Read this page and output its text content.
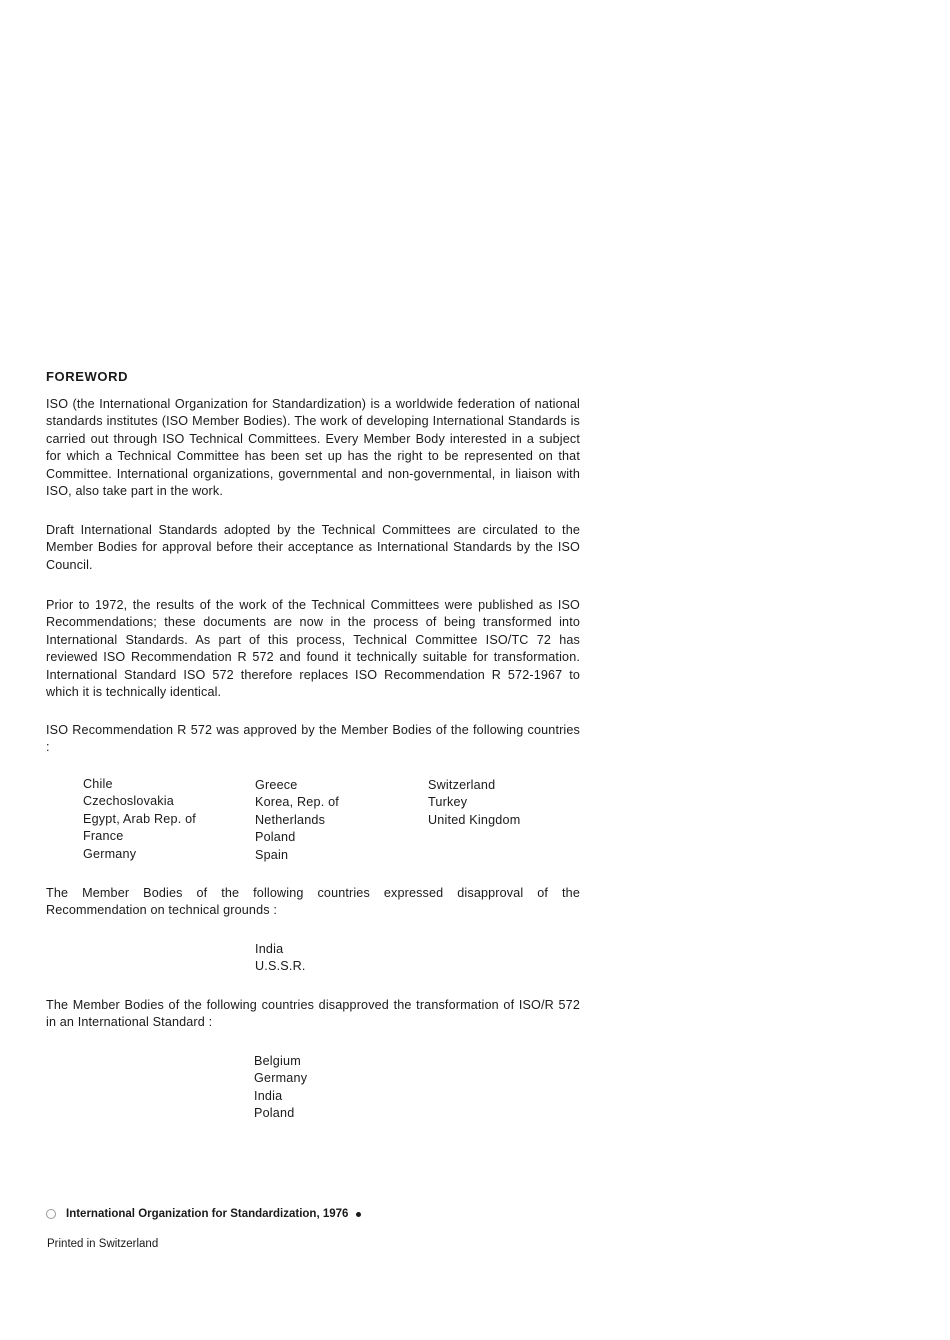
FOREWORD

ISO (the International Organization for Standardization) is a worldwide federation of national standards institutes (ISO Member Bodies). The work of developing International Standards is carried out through ISO Technical Committees. Every Member Body interested in a subject for which a Technical Committee has been set up has the right to be represented on that Committee. International organizations, governmental and non-governmental, in liaison with ISO, also take part in the work.

Draft International Standards adopted by the Technical Committees are circulated to the Member Bodies for approval before their acceptance as International Standards by the ISO Council.

Prior to 1972, the results of the work of the Technical Committees were published as ISO Recommendations; these documents are now in the process of being transformed into International Standards. As part of this process, Technical Committee ISO/TC 72 has reviewed ISO Recommendation R 572 and found it technically suitable for transformation. International Standard ISO 572 therefore replaces ISO Recommendation R 572-1967 to which it is technically identical.

ISO Recommendation R 572 was approved by the Member Bodies of the following countries :

Chile
Czechoslovakia
Egypt, Arab Rep. of
France
Germany
Greece
Korea, Rep. of
Netherlands
Poland
Spain
Switzerland
Turkey
United Kingdom

The Member Bodies of the following countries expressed disapproval of the Recommendation on technical grounds :

India
U.S.S.R.

The Member Bodies of the following countries disapproved the transformation of ISO/R 572 in an International Standard :

Belgium
Germany
India
Poland
International Organization for Standardization, 1976
Printed in Switzerland
